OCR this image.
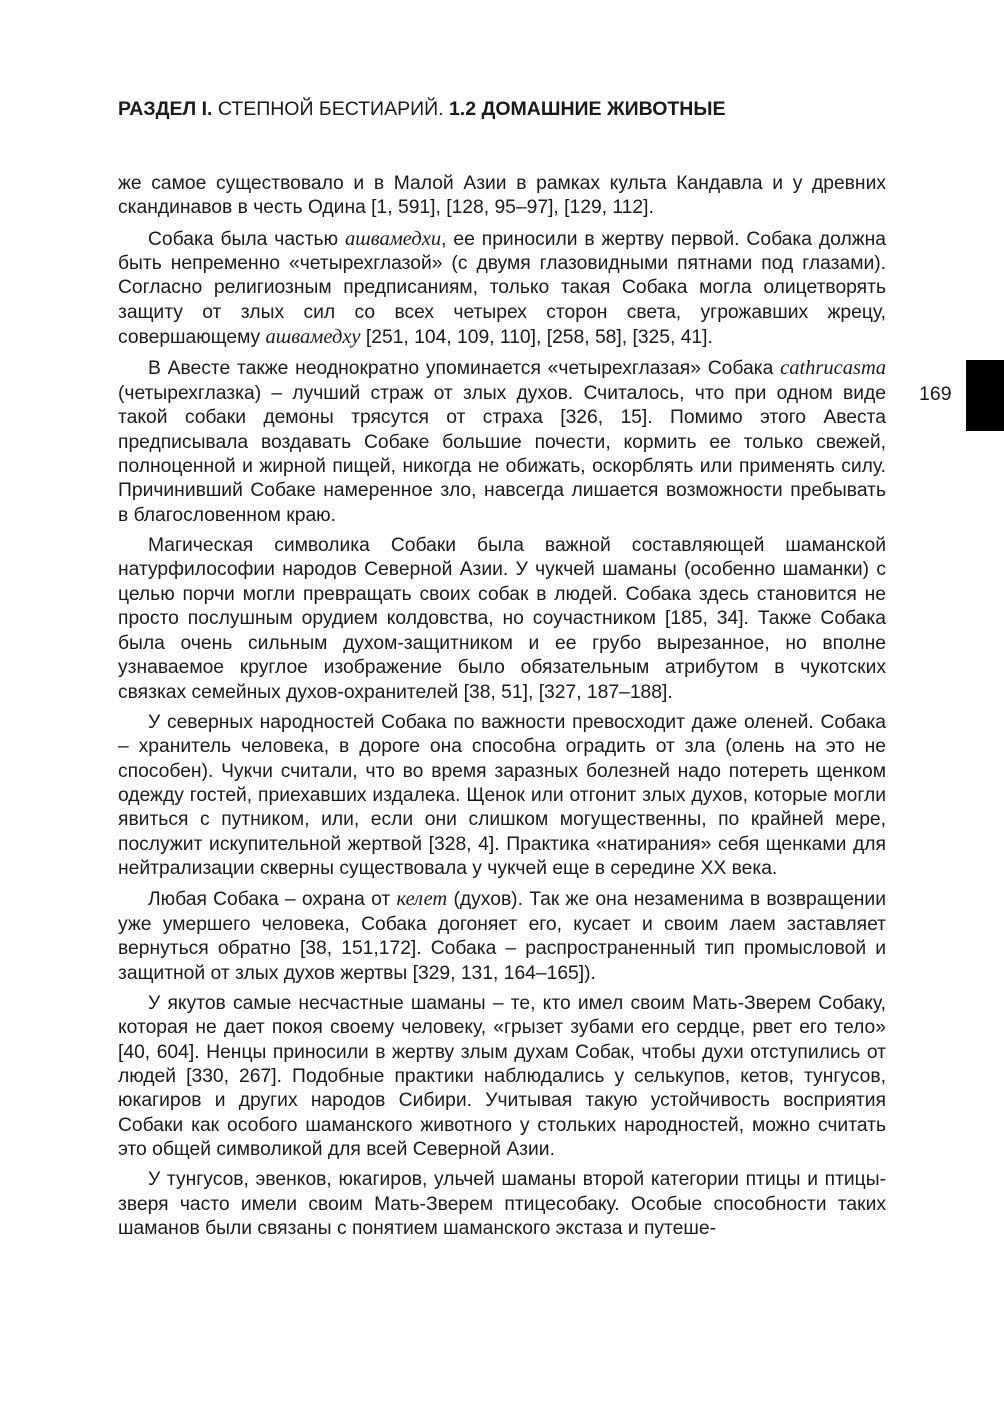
РАЗДЕЛ I. СТЕПНОЙ БЕСТИАРИЙ. 1.2 ДОМАШНИЕ ЖИВОТНЫЕ
169

же самое существовало и в Малой Азии в рамках культа Кандавла и у древних скандинавов в честь Одина [1, 591], [128, 95–97], [129, 112].

Собака была частью ашвамедхи, ее приносили в жертву первой. Собака должна быть непременно «четырехглазой» (с двумя глазовидными пятнами под глазами). Согласно религиозным предписаниям, только такая Собака могла олицетворять защиту от злых сил со всех четырех сторон света, угрожавших жрецу, совершающему ашвамедху [251, 104, 109, 110], [258, 58], [325, 41].

В Авесте также неоднократно упоминается «четырехглазая» Собака cathrucasma (четырехглазка) – лучший страж от злых духов. Считалось, что при одном виде такой собаки демоны трясутся от страха [326, 15]. Помимо этого Авеста предписывала воздавать Собаке большие почести, кормить ее только свежей, полноценной и жирной пищей, никогда не обижать, оскорблять или применять силу. Причинивший Собаке намеренное зло, навсегда лишается возможности пребывать в благословенном краю.

Магическая символика Собаки была важной составляющей шаманской натурфилософии народов Северной Азии. У чукчей шаманы (особенно шаманки) с целью порчи могли превращать своих собак в людей. Собака здесь становится не просто послушным орудием колдовства, но соучастником [185, 34]. Также Собака была очень сильным духом-защитником и ее грубо вырезанное, но вполне узнаваемое круглое изображение было обязательным атрибутом в чукотских связках семейных духов-охранителей [38, 51], [327, 187–188].

У северных народностей Собака по важности превосходит даже оленей. Собака – хранитель человека, в дороге она способна оградить от зла (олень на это не способен). Чукчи считали, что во время заразных болезней надо потереть щенком одежду гостей, приехавших издалека. Щенок или отгонит злых духов, которые могли явиться с путником, или, если они слишком могущественны, по крайней мере, послужит искупительной жертвой [328, 4]. Практика «натирания» себя щенками для нейтрализации скверны существовала у чукчей еще в середине XX века.

Любая Собака – охрана от келет (духов). Так же она незаменима в возвращении уже умершего человека, Собака догоняет его, кусает и своим лаем заставляет вернуться обратно [38, 151,172]. Собака – распространенный тип промысловой и защитной от злых духов жертвы [329, 131, 164–165]).

У якутов самые несчастные шаманы – те, кто имел своим Мать-Зверем Собаку, которая не дает покоя своему человеку, «грызет зубами его сердце, рвет его тело» [40, 604]. Ненцы приносили в жертву злым духам Собак, чтобы духи отступились от людей [330, 267]. Подобные практики наблюдались у селькупов, кетов, тунгусов, юкагиров и других народов Сибири. Учитывая такую устойчивость восприятия Собаки как особого шаманского животного у стольких народностей, можно считать это общей символикой для всей Северной Азии.

У тунгусов, эвенков, юкагиров, ульчей шаманы второй категории птицы и птицы-зверя часто имели своим Мать-Зверем птицесобаку. Особые способности таких шаманов были связаны с понятием шаманского экстаза и путеше-
